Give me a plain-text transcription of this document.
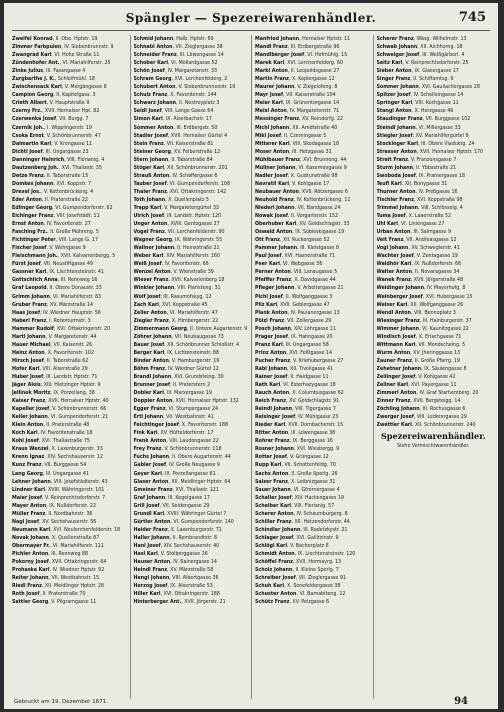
Spängler — Spezereiwarenhändler.	745
Zweifel Konrad, II. Obe. Hptstr. 19
Zimmer Farbpulen, IV. Siebenbrunnstr. 9
Zwangrad Karl, VI. Hohe Straße 11
Zündenhofer Ant., VI. Mariahilferstr. 25
Zinke Julius, III. Fasangasse 4
Zurgbarthe J. K., Schleifmühl. 18
Zwischensack Karl, V. Morgängasse 8
Campion Georg, II. Kapitelgass. 3
Crieth Albert, V. Hauptstraße 9
Czerny Frz., XVII. Hernalser Hpt. 82
Czerwenka Josef, VII. Burgg. 7
Czernik Joh., I. Wipplingerstr. 19
Csoka Ernst, V. Schönbrunnerstr. 47
Dalmartin Karl, V. Krongasse 11
Dichtl Josef, III. Ungargasse 23
Danninger Heinrich, VIII. Florianig. 4
Dautzenberg Joh., XVI. Thaliastr. 35
Detze Franz, II. Taborstraße 15
Domkes Johann, XVI. Koppstr. 7
Drexel Jos., V. Kettenbrückeng. 4
Eder Anton, II. Praterstraße 22
Edlinger Georg, VI. Gumpendorferstr. 62
Eichinger Franz, VIII. Josefstädt. 11
Ernst Anton, IV. Favoritenstr. 27
Fasching Frz., II. Große Mohreng. 5
Fichtinger Peter, VIII. Lange G. 17
Fischer Josef, V. Wehrgasse 9
Fleischmann Joh., XVII. Kalvarienbergg. 5
Fürst Josef, VII. Neustiftgasse 49
Gassner Karl, IX. Liechtensteinstr. 41
Gottschlich Anna, III. Rennweg 16
Graf Leopold, II. Obere Donaustr. 33
Grimm Johann, VI. Mariahilferstr. 83
Gruber Franz, XV. Märzstraße 14
Haas Josef, IV. Wiedner Hauptstr. 56
Haberl Franz, I. Rotenturmstr. 3
Hammer Rudolf, XVI. Ottakringerstr. 20
Hartl Johann, V. Margaretenstr. 44
Hauer Michael, VII. Kaiserstr. 26
Heinz Anton, X. Favoritenstr. 102
Hirsch Josef, II. Taborstraße 62
Hofer Karl, VIII. Alserstraße 29
Huber Josef, III. Landstr. Hptstr. 71
Jäger Alois, XIII. Hietzinger Hptstr. 9
Jellinek Moritz, IX. Porzellang. 38
Kaiser Franz, XVII. Hernalser Hptstr. 40
Kapeller Josef, V. Schönbrunnerstr. 66
Keller Johann, VI. Gumpendorferstr. 21
Klein Anton, II. Praterstraße 48
Koch Karl, IV. Favoritenstraße 18
Kohl Josef, XVI. Thaliastraße 75
Kraus Wenzel, X. Laxenburgerstr. 33
Krenn Ignaz, XIV. Sechshauserstr. 12
Kunz Franz, VII. Burggasse 54
Lang Georg, III. Ungargasse 41
Lehner Johann, VIII. Josefstädterstr. 43
Lindner Karl, XVIII. Währingerstr. 101
Maier Josef, V. Reinprechtsdorferstr. 7
Mayer Anton, IX. Nußdorferstr. 22
Müller Franz, II. Nordbahnstr. 36
Nagl Josef, XV. Sechshauserstr. 56
Neumann Karl, XVI. Neulerchenfelderstr. 18
Novak Johann, X. Quellenstraße 87
Obermayer Fr., VI. Mariahilferstr. 111
Pichler Anton, III. Rennweg 88
Pokorny Josef, XVII. Ottakringerstr. 64
Prohaska Karl, IV. Wiedner Hptstr. 92
Reiter Johann, VII. Westbahnstr. 15
Riedl Franz, XII. Meidlinger Hptstr. 28
Roth Josef, II. Praterstraße 70
Sattler Georg, V. Pilgramgasse 11
Schmid Johann, Halb. Hptstr. 69
Schnabl Anton, VII. Zieglergasse 38
Schneider Franz, III. Löwengasse 14
Schober Karl, VI. Mollardgasse 52
Schön Josef, IV. Margaretenstr. 33
Schram Georg, XVI. Lerchenfelderg. 2
Schubert Anton, V. Siebenbrunnenstr. 19
Schulz Franz, X. Favoritenstr. 144
Schwarz Johann, II. Nestroyplatz 3
Seidl Josef, VIII. Lange Gasse 64
Simon Karl, IX. Alserbachstr. 17
Sommer Anton, III. Erdbergstr. 50
Stadler Josef, XVII. Hernalser Gürtel 4
Stein Franz, VII. Kaiserstraße 81
Steiner Georg, XV. Felberstraße 12
Stern Johann, II. Taborstraße 84
Stöger Karl, XII. Schönbrunnerstr. 201
Strauß Anton, IV. Schäffergasse 6
Tauber Josef, VI. Gumpendorferstr. 108
Thaler Franz, XVI. Ottakringerstr. 142
Toth Johann, X. Quellenplatz 5
Trapp Karl, V. Margaretengürtel 33
Ulrich Josef, III. Landstr. Hptstr. 120
Unger Anton, XVIII. Gentzgasse 27
Vogel Franz, VII. Lerchenfelderstr. 90
Wagner Georg, IX. Währingerstr. 55
Wallner Johann, II. Heinestraße 21
Weber Karl, XIV. Mariahilferstr. 160
Weiß Josef, IV. Favoritenstr. 66
Wenzel Anton, V. Wienstraße 39
Wieser Franz, XVII. Kalvarienberg 18
Winkler Johann, VIII. Piaristeng. 31
Wolf Josef, III. Rasumofskyg. 12
Zach Karl, XVI. Koppstraße 45
Zeller Anton, VI. Mariahilferstr. 47
Ziegler Franz, X. Himbergerstr. 22
Zimmermann Georg, II. Untere Augartenstr. 9
Zöhrer Johann, VII. Neubaugasse 73
Bauer Josef, XII. Schönbrunner Schloßstr. 4
Berger Karl, IX. Lichtensteinstr. 88
Binder Anton, V. Hamburgerstr. 16
Böhm Franz, IV. Wiedner Gürtel 12
Brandl Johann, XVI. Grundsteing. 30
Brunner Josef, II. Praterstern 2
Dobler Karl, III. Marxergasse 19
Doppler Anton, XVII. Hernalser Hptstr. 132
Egger Franz, VI. Stumpergasse 24
Ertl Johann, VII. Westbahnstr. 41
Feichtinger Josef, X. Favoritenstr. 188
Fink Karl, XV. Hütteldorferstr. 17
Frank Anton, VIII. Laudongasse 22
Frey Franz, V. Schönbrunnerstr. 118
Fuchs Johann, II. Obere Augartenstr. 44
Gabler Josef, IV. Große Neugasse 9
Geyer Karl, IX. Porzellangasse 61
Glaser Anton, XII. Meidlinger Hptstr. 64
Gmeiner Franz, XVI. Thaliastr. 121
Graf Johann, III. Kegelgasse 17
Grill Josef, VII. Seidengasse 29
Grundl Karl, XVIII. Währinger Gürtel 7
Gürtler Anton, VI. Gumpendorferstr. 140
Haider Franz, X. Laxenburgerstr. 71
Haller Johann, II. Rembrandtstr. 8
Hanl Josef, XIV. Sechshauserstr. 40
Hasl Karl, V. Stolberggasse 26
Hauser Anton, IV. Rainergasse 14
Heindl Franz, XV. Märzstraße 58
Hengl Johann, VIII. Albertgasse 36
Herzog Josef, IX. Alserstraße 53
Hiller Karl, XVI. Ottakringerstr. 188
Hinterberger Ant., XVII. Jörgerstr. 21
Manfried Johann, Hernalser Hptstr. 11
Mandl Franz, III. Erdbergstraße 96
Mandlberger Josef, VI. Hofmühlg. 15
Marek Karl, XVI. Lerchenfelderg. 60
Markl Anton, II. Leopoldsgasse 27
Martin Franz, X. Keplergasse 12
Maurer Johann, V. Ziegelofeng. 8
Mayr Josef, VII. Kaiserstraße 104
Meier Karl, IX. Grünentorgasse 14
Meisl Anton, IV. Margaretenstr. 71
Messinger Franz, XV. Reindorfg. 22
Michl Johann, XII. Arndtstraße 40
Mikl Josef, II. Czerningasse 5
Mitterer Karl, VIII. Skodagasse 18
Moser Anton, III. Hetzgasse 31
Mühlbauer Franz, XVI. Brunneng. 44
Müllner Johann, VI. Kasernengasse 9
Nadler Josef, X. Gudrunstraße 98
Navratil Karl, V. Kohlgasse 17
Neubauer Anton, XVII. Rötzergasse 6
Neuhold Franz, IV. Kettenbrückeng. 11
Niederl Johann, VII. Bandgasse 24
Nowak Josef, II. Vorgartenstr. 152
Oberhuber Karl, XV. Goldschlagstr. 33
Oswald Anton, IX. Sobieskigasse 19
Ott Franz, XII. Ruckergasse 52
Pammer Johann, III. Kleistgasse 8
Paul Josef, XVI. Hasnerstraße 71
Peer Karl, VI. Webgasse 36
Perner Anton, VIII. Lenaugasse 5
Pfeiffer Franz, X. Davidgasse 44
Pfleger Johann, V. Arbeitergasse 21
Pichl Josef, II. Wolfganggasse 3
Pilz Karl, XVII. Geblergasse 47
Plank Anton, IV. Paulanergasse 13
Pölzl Franz, VII. Zollergasse 29
Posch Johann, XIV. Löhrgasse 11
Prager Josef, IX. Hahngasse 20
Pranz Karl, III. Ungargasse 58
Prinz Anton, XVI. Feßtgasse 14
Pucher Franz, V. Kriehubergasse 27
Rabl Johann, XII. Tivoligasse 41
Rainer Josef, II. Haidgasse 11
Rath Karl, VI. Esterhazygasse 18
Rauch Anton, X. Columbusgasse 62
Reich Franz, XV. Goldschlagstr. 91
Reindl Johann, VIII. Tigergasse 7
Reisinger Josef, IV. Mühlgasse 23
Rieder Karl, XVII. Dornbacherstr. 15
Ritter Anton, III. Löwengasse 38
Rohrer Franz, IX. Berggasse 16
Rosner Johann, XVI. Wiesbergg. 9
Rotter Josef, V. Grüngasse 12
Rupp Karl, VII. Schottenfeldg. 70
Sachs Anton, II. Große Sperlg. 26
Salzer Franz, X. Leibnizgasse 31
Sauer Johann, VI. Gfrornergasse 4
Schaller Josef, XIV. Hackengasse 19
Scheiber Karl, VIII. Florianig. 57
Scherer Anton, IV. Schaumburgerg. 8
Schiller Franz, XII. Hetzendorferstr. 44
Schindler Johann, III. Radetzkystr. 21
Schlager Josef, XVI. Gallitzinstr. 9
Schlögl Karl, V. Bacherplatz 6
Schmidt Anton, IX. Liechtensteinstr. 120
Schöffel Franz, XVII. Hormayrg. 13
Scholz Johann, II. Kleine Sperlg. 7
Schreiber Josef, VII. Zieglergasse 91
Schuh Karl, X. Senefeldergasse 38
Schuster Anton, VI. Barnabiteng. 12
Schütz Franz, XV. Pelzgasse 6
Scherer Franz, Wäsg. Wilhelmstr. 13
Schwab Johann, XII. Aichhorng. 18
Schweiger Josef, III. Weißgärberl. 4
Seitz Karl, V. Reinprechtsdorferstr. 25
Sieber Anton, IX. Glasergasse 17
Singer Franz, II. Schiffamtsg. 9
Sommer Johann, XVI. Gaullachergasse 28
Spitzer Josef, IV. Schelleingasse 14
Springer Karl, VIII. Kochgasse 11
Stangl Anton, X. Herzgasse 46
Staudinger Franz, VII. Burggasse 102
Steindl Johann, VI. Millergasse 33
Stiegler Josef, XV. Mariahilfergürtel 9
Stockinger Karl, III. Obere Viaduktg. 24
Strasser Anton, XVII. Hernalser Hptstr. 170
Streit Franz, V. Franzensgasse 7
Sturm Johann, II. Ybbsstraße 21
Swoboda Josef, IX. Pramergasse 18
Teufl Karl, XII. Bonygasse 31
Thurner Anton, IV. Preßgasse 16
Tischler Franz, XVI. Koppstraße 98
Trimmel Johann, VIII. Schlösselg. 4
Tuma Josef, X. Laaerstraße 52
Uhl Karl, VI. Liniengasse 27
Urban Anton, III. Salmgasse 9
Veit Franz, VII. Andreasgasse 12
Vogl Johann, XV. Schweglerstr. 41
Wachter Josef, V. Zentagasse 19
Waldhör Karl, IX. Nußdorferstr. 66
Walter Anton, II. Novaragasse 34
Wanek Franz, XVII. Jörgerstraße 48
Weidinger Johann, IV. Mayerhofg. 8
Weinberger Josef, XVI. Hubergasse 15
Weiser Karl, XII. Wolfganggasse 26
Wendl Anton, VIII. Bennoplatz 3
Wiesinger Franz, III. Hainburgerstr. 37
Wimmer Johann, VI. Kaunitzgasse 22
Windisch Josef, X. Erlachgasse 71
Wittmann Karl, VII. Mondscheing. 5
Wurm Anton, XV. Jheringgasse 13
Zauner Franz, II. Große Pfarrg. 19
Zehetner Johann, IX. Säulengasse 8
Zeilinger Josef, V. Kohlgasse 42
Zellner Karl, XVI. Payergasse 11
Zimmerl Anton, IV. Graf Starhemberg. 20
Zinner Franz, XVII. Bergsteigg. 14
Zöchling Johann, III. Rochusgasse 6
Zwerger Josef, VIII. Lederergasse 29
Zwettler Karl, XII. Schönbrunnerstr. 240
Spezereiwarenhändler.
Siehe Vermischtwarenhändler.
Gebruckt am 19. Dezember 1871.	94
